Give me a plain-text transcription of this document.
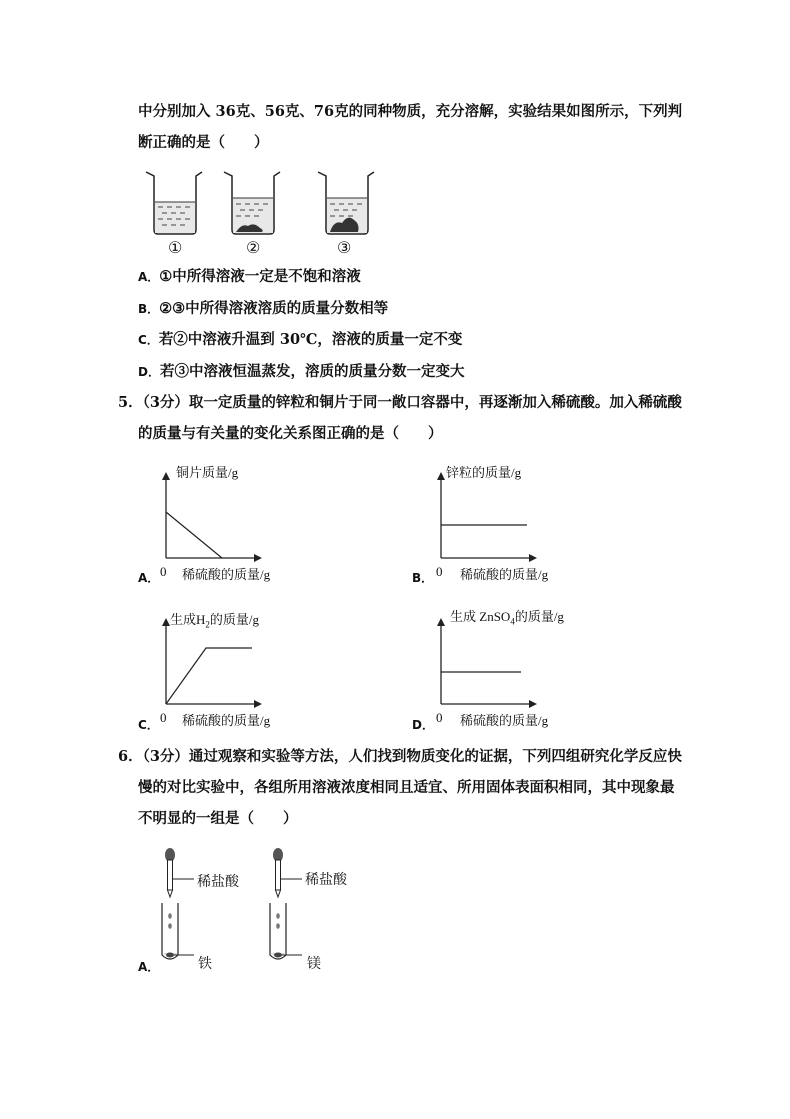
中分别加入 36克、56克、76克的同种物质，充分溶解，实验结果如图所示，下列判
断正确的是（　　）
①	②	③
A．①中所得溶液一定是不饱和溶液
B．②③中所得溶液溶质的质量分数相等
C．若②中溶液升温到 30℃，溶液的质量一定不变
D．若③中溶液恒温蒸发，溶质的质量分数一定变大
5．（3分）取一定质量的锌粒和铜片于同一敞口容器中，再逐渐加入稀硫酸。加入稀硫酸
的质量与有关量的变化关系图正确的是（　　）
铜片质量/g
0 稀硫酸的质量/g
A．
锌粒的质量/g
0 稀硫酸的质量/g
B．
生成$H_2$的质量/g
0 稀硫酸的质量/g
C．
生成 ZnSO$_4$的质量/g
0 稀硫酸的质量/g
D．
6．（3分）通过观察和实验等方法，人们找到物质变化的证据，下列四组研究化学反应快
慢的对比实验中，各组所用溶液浓度相同且适宜、所用固体表面积相同，其中现象最
不明显的一组是（　　）
稀盐酸	稀盐酸
铁	镁
A．
